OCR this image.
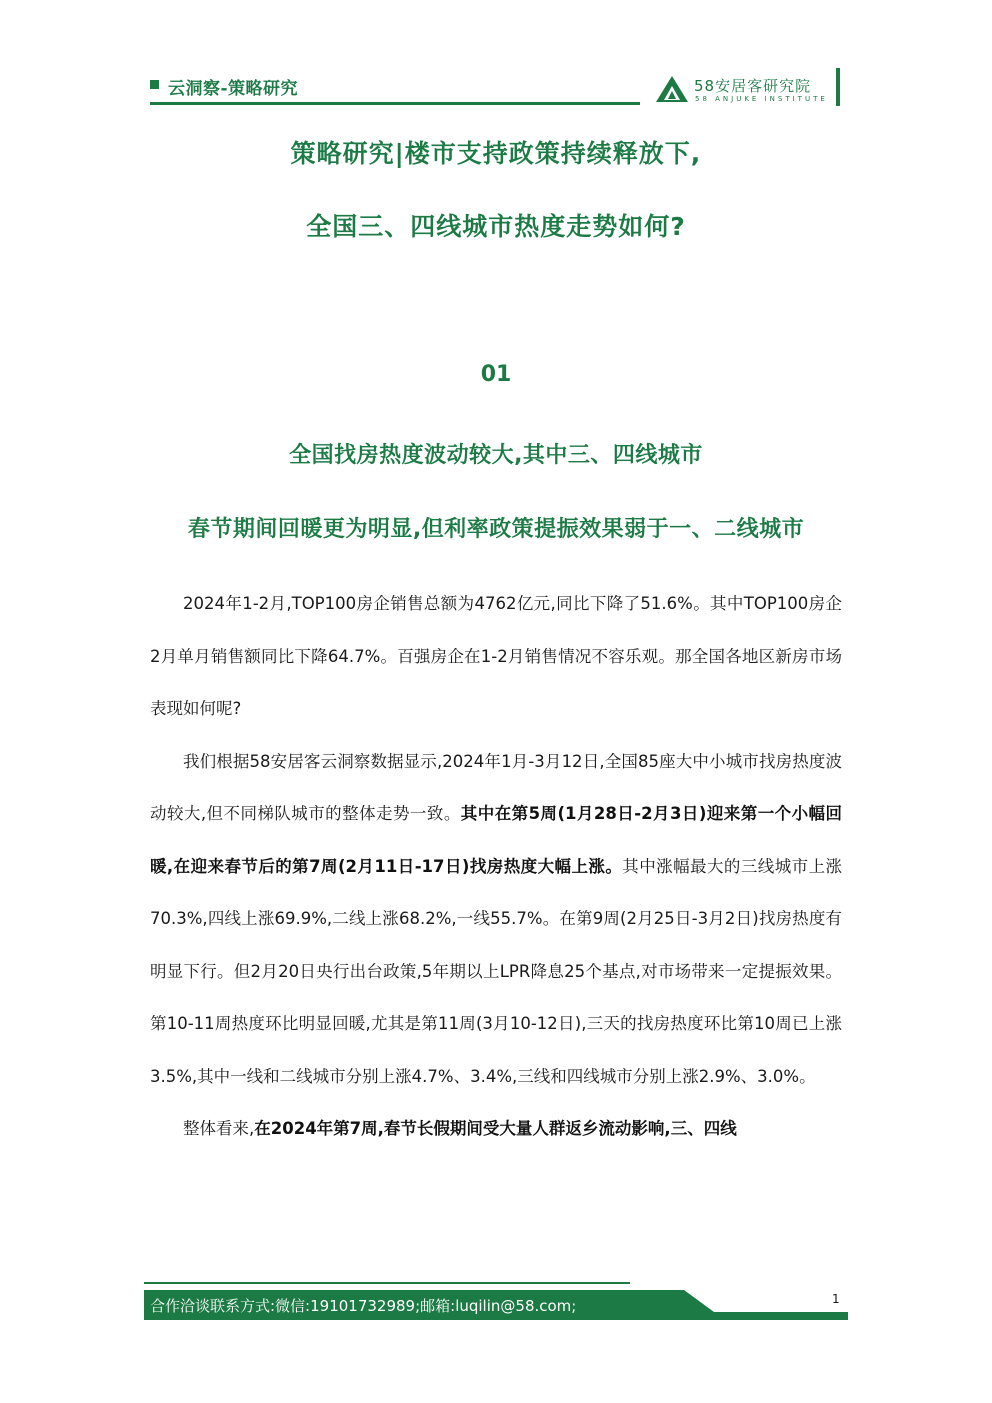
云洞察-策略研究	58安居客研究院
58 ANJUKE INSTITUTE
策略研究|楼市支持政策持续释放下,
全国三、四线城市热度走势如何?
01
全国找房热度波动较大,其中三、四线城市
春节期间回暖更为明显,但利率政策提振效果弱于一、二线城市

2024年1-2月,TOP100房企销售总额为4762亿元,同比下降了51.6%。其中TOP100房企2月单月销售额同比下降64.7%。百强房企在1-2月销售情况不容乐观。那全国各地区新房市场表现如何呢?

我们根据58安居客云洞察数据显示,2024年1月-3月12日,全国85座大中小城市找房热度波动较大,但不同梯队城市的整体走势一致。其中在第5周(1月28日-2月3日)迎来第一个小幅回暖,在迎来春节后的第7周(2月11日-17日)找房热度大幅上涨。其中涨幅最大的三线城市上涨70.3%,四线上涨69.9%,二线上涨68.2%,一线55.7%。在第9周(2月25日-3月2日)找房热度有明显下行。但2月20日央行出台政策,5年期以上LPR降息25个基点,对市场带来一定提振效果。第10-11周热度环比明显回暖,尤其是第11周(3月10-12日),三天的找房热度环比第10周已上涨3.5%,其中一线和二线城市分别上涨4.7%、3.4%,三线和四线城市分别上涨2.9%、3.0%。

整体看来,在2024年第7周,春节长假期间受大量人群返乡流动影响,三、四线

合作洽谈联系方式:微信:19101732989;邮箱:luqilin@58.com;	1
